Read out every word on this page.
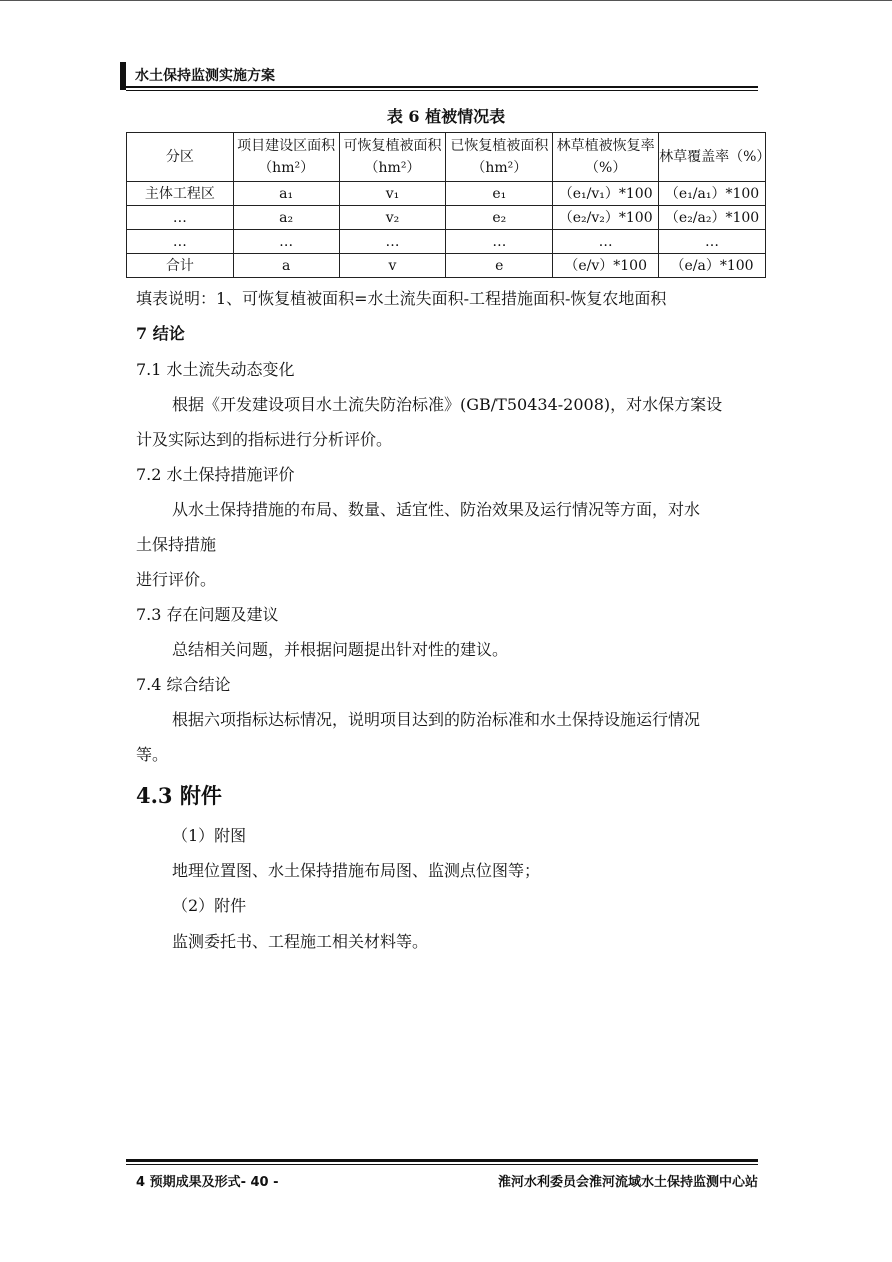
水土保持监测实施方案
表 6 植被情况表
分区	项目建设区面积（hm²）	可恢复植被面积（hm²）	已恢复植被面积（hm²）	林草植被恢复率（%）	林草覆盖率（%）
主体工程区	a₁	v₁	e₁	（e₁/v₁）*100	（e₁/a₁）*100
…	a₂	v₂	e₂	（e₂/v₂）*100	（e₂/a₂）*100
…	…	…	…	…	…
合计	a	v	e	（e/v）*100	（e/a）*100
填表说明：1、可恢复植被面积=水土流失面积-工程措施面积-恢复农地面积
7 结论
7.1 水土流失动态变化
根据《开发建设项目水土流失防治标准》(GB/T50434-2008)，对水保方案设
计及实际达到的指标进行分析评价。
7.2 水土保持措施评价
从水土保持措施的布局、数量、适宜性、防治效果及运行情况等方面，对水
土保持措施
进行评价。
7.3 存在问题及建议
总结相关问题，并根据问题提出针对性的建议。
7.4 综合结论
根据六项指标达标情况，说明项目达到的防治标准和水土保持设施运行情况
等。
4.3 附件
（1）附图
地理位置图、水土保持措施布局图、监测点位图等；
（2）附件
监测委托书、工程施工相关材料等。
4 预期成果及形式- 40 -	淮河水利委员会淮河流域水土保持监测中心站
